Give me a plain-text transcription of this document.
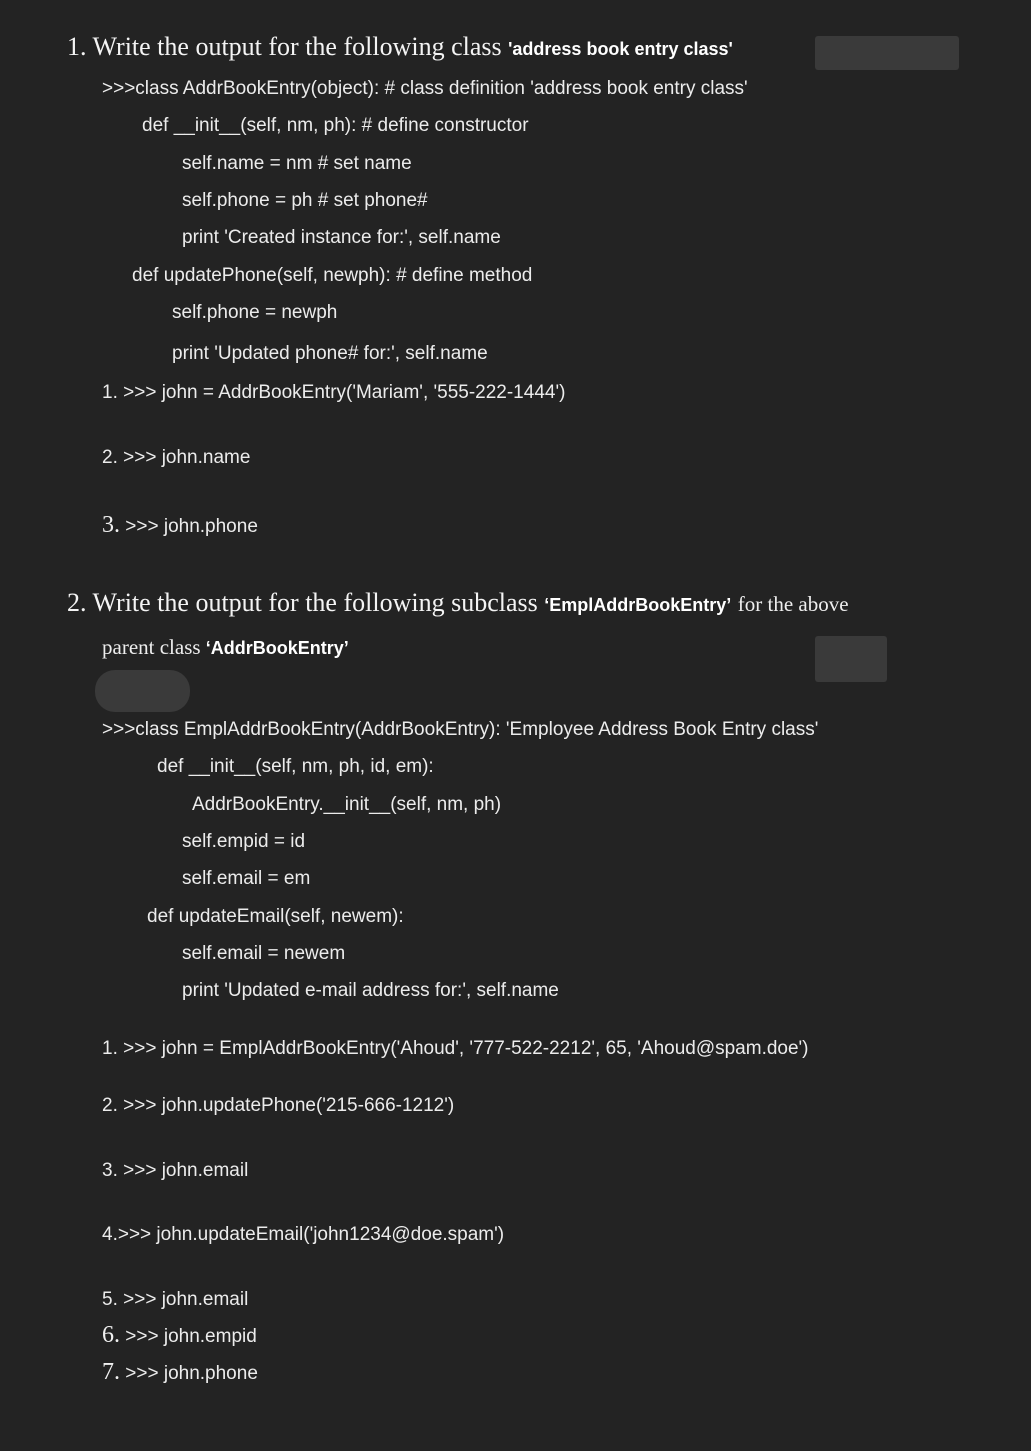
1. Write the output for the following class 'address book entry class'
>>>class AddrBookEntry(object): # class definition 'address book entry class'
def __init__(self, nm, ph): # define constructor
self.name = nm # set name
self.phone = ph # set phone#
print 'Created instance for:', self.name
def updatePhone(self, newph): # define method
self.phone = newph
print 'Updated phone# for:', self.name
1. >>> john = AddrBookEntry('Mariam', '555-222-1444')
2. >>> john.name
3. >>> john.phone
2. Write the output for the following subclass ‘EmplAddrBookEntry’ for the above
parent class ‘AddrBookEntry’
>>>class EmplAddrBookEntry(AddrBookEntry): 'Employee Address Book Entry class'
def __init__(self, nm, ph, id, em):
AddrBookEntry.__init__(self, nm, ph)
self.empid = id
self.email = em
def updateEmail(self, newem):
self.email = newem
print 'Updated e-mail address for:', self.name
1. >>> john = EmplAddrBookEntry('Ahoud', '777-522-2212', 65, 'Ahoud@spam.doe')
2. >>> john.updatePhone('215-666-1212')
3. >>> john.email
4.>>> john.updateEmail('john1234@doe.spam')
5. >>> john.email
6. >>> john.empid
7. >>> john.phone
